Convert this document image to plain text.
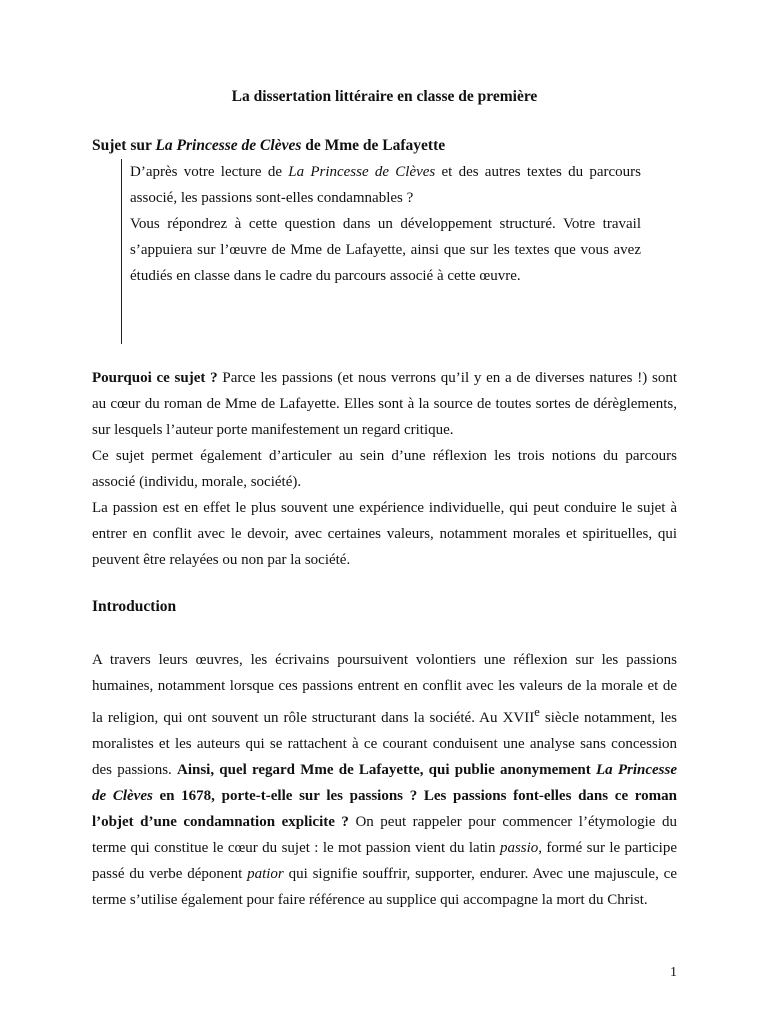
La dissertation littéraire en classe de première
Sujet sur La Princesse de Clèves de Mme de Lafayette

D’après votre lecture de La Princesse de Clèves et des autres textes du parcours associé, les passions sont-elles condamnables ?

Vous répondrez à cette question dans un développement structuré. Votre travail s’appuiera sur l’œuvre de Mme de Lafayette, ainsi que sur les textes que vous avez étudiés en classe dans le cadre du parcours associé à cette œuvre.

Pourquoi ce sujet ? Parce les passions (et nous verrons qu’il y en a de diverses natures !) sont au cœur du roman de Mme de Lafayette. Elles sont à la source de toutes sortes de dérèglements, sur lesquels l’auteur porte manifestement un regard critique.

Ce sujet permet également d’articuler au sein d’une réflexion les trois notions du parcours associé (individu, morale, société).

La passion est en effet le plus souvent une expérience individuelle, qui peut conduire le sujet à entrer en conflit avec le devoir, avec certaines valeurs, notamment morales et spirituelles, qui peuvent être relayées ou non par la société.

Introduction

A travers leurs œuvres, les écrivains poursuivent volontiers une réflexion sur les passions humaines, notamment lorsque ces passions entrent en conflit avec les valeurs de la morale et de la religion, qui ont souvent un rôle structurant dans la société. Au XVIIe siècle notamment, les moralistes et les auteurs qui se rattachent à ce courant conduisent une analyse sans concession des passions. Ainsi, quel regard Mme de Lafayette, qui publie anonymement La Princesse de Clèves en 1678, porte-t-elle sur les passions ? Les passions font-elles dans ce roman l’objet d’une condamnation explicite ? On peut rappeler pour commencer l’étymologie du terme qui constitue le cœur du sujet : le mot passion vient du latin passio, formé sur le participe passé du verbe déponent patior qui signifie souffrir, supporter, endurer. Avec une majuscule, ce terme s’utilise également pour faire référence au supplice qui accompagne la mort du Christ.

1
